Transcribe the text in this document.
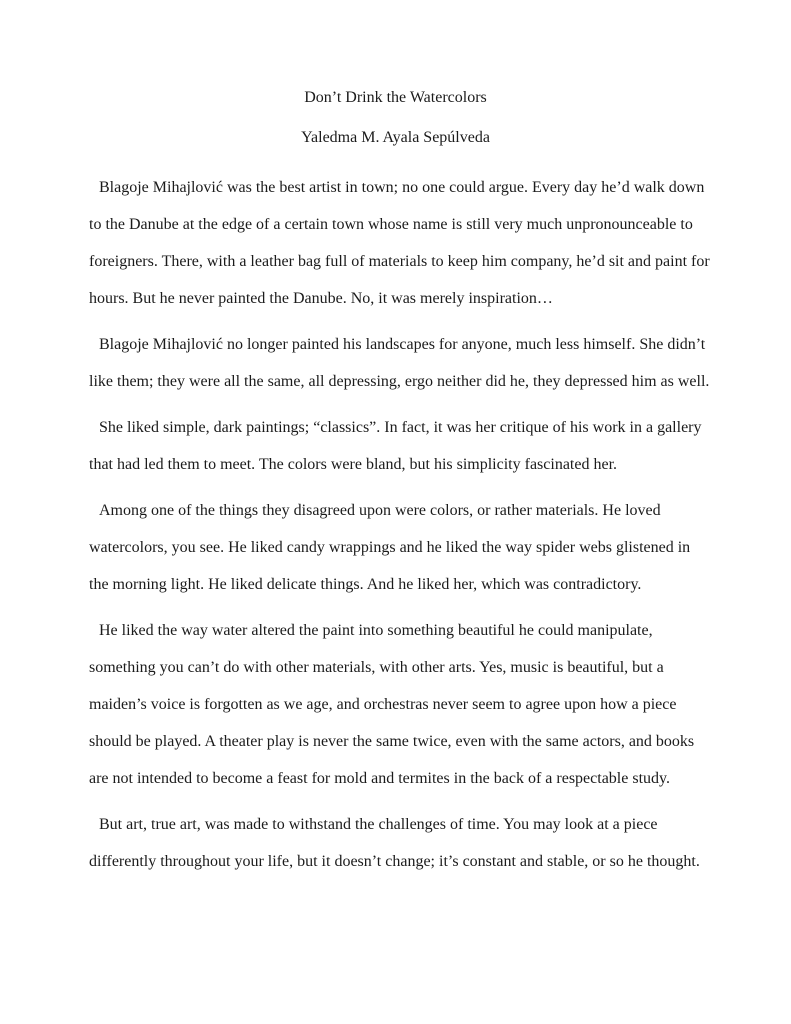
Don’t Drink the Watercolors
Yaledma M. Ayala Sepúlveda
Blagoje Mihajlović was the best artist in town; no one could argue. Every day he’d walk down
to the Danube at the edge of a certain town whose name is still very much unpronounceable to
foreigners. There, with a leather bag full of materials to keep him company, he’d sit and paint for
hours. But he never painted the Danube. No, it was merely inspiration…
Blagoje Mihajlović no longer painted his landscapes for anyone, much less himself. She didn’t
like them; they were all the same, all depressing, ergo neither did he, they depressed him as well.
She liked simple, dark paintings; “classics”. In fact, it was her critique of his work in a gallery
that had led them to meet. The colors were bland, but his simplicity fascinated her.
Among one of the things they disagreed upon were colors, or rather materials. He loved
watercolors, you see. He liked candy wrappings and he liked the way spider webs glistened in
the morning light. He liked delicate things. And he liked her, which was contradictory.
He liked the way water altered the paint into something beautiful he could manipulate,
something you can’t do with other materials, with other arts. Yes, music is beautiful, but a
maiden’s voice is forgotten as we age, and orchestras never seem to agree upon how a piece
should be played. A theater play is never the same twice, even with the same actors, and books
are not intended to become a feast for mold and termites in the back of a respectable study.
But art, true art, was made to withstand the challenges of time. You may look at a piece
differently throughout your life, but it doesn’t change; it’s constant and stable, or so he thought.
